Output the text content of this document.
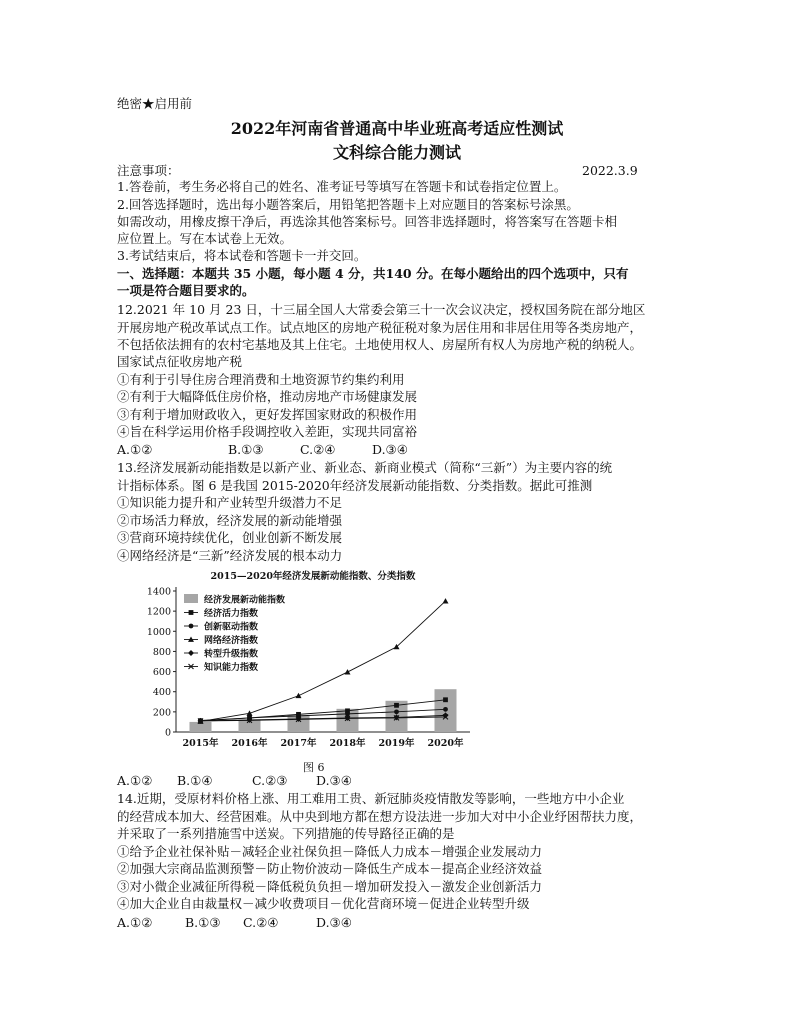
绝密★启用前
2022年河南省普通高中毕业班高考适应性测试
文科综合能力测试
注意事项：	2022.3.9
1.答卷前，考生务必将自己的姓名、准考证号等填写在答题卡和试卷指定位置上。
2.回答选择题时，选出每小题答案后，用铅笔把答题卡上对应题目的答案标号涂黑。
如需改动，用橡皮擦干净后，再选涂其他答案标号。回答非选择题时，将答案写在答题卡相
应位置上。写在本试卷上无效。
3.考试结束后，将本试卷和答题卡一并交回。
一、选择题：本题共 35 小题，每小题 4 分，共140 分。在每小题给出的四个选项中，只有
一项是符合题目要求的。
12.2021 年 10 月 23 日，十三届全国人大常委会第三十一次会议决定，授权国务院在部分地区
开展房地产税改革试点工作。试点地区的房地产税征税对象为居住用和非居住用等各类房地产，
不包括依法拥有的农村宅基地及其上住宅。土地使用权人、房屋所有权人为房地产税的纳税人。
国家试点征收房地产税
①有利于引导住房合理消费和土地资源节约集约利用
②有利于大幅降低住房价格，推动房地产市场健康发展
③有利于增加财政收入，更好发挥国家财政的积极作用
④旨在科学运用价格手段调控收入差距，实现共同富裕
A.①②	B.①③	C.②④	D.③④
13.经济发展新动能指数是以新产业、新业态、新商业模式（简称“三新”）为主要内容的统
计指标体系。图 6 是我国 2015-2020年经济发展新动能指数、分类指数。据此可推测
①知识能力提升和产业转型升级潜力不足
②市场活力释放，经济发展的新动能增强
③营商环境持续优化，创业创新不断发展
④网络经济是“三新”经济发展的根本动力
2015—2020年经济发展新动能指数、分类指数
0
200
400
600
800
1000
1200
1400
2015年 2016年 2017年 2018年 2019年 2020年
经济发展新动能指数
经济活力指数
创新驱动指数
网络经济指数
转型升级指数
知识能力指数
图 6
A.①② B.①④	C.②③ D.③④
14.近期，受原材料价格上涨、用工难用工贵、新冠肺炎疫情散发等影响，一些地方中小企业
的经营成本加大、经营困难。从中央到地方都在想方设法进一步加大对中小企业纾困帮扶力度，
并采取了一系列措施雪中送炭。下列措施的传导路径正确的是
①给予企业社保补贴－减轻企业社保负担－降低人力成本－增强企业发展动力
②加强大宗商品监测预警－防止物价波动－降低生产成本－提高企业经济效益
③对小微企业减征所得税－降低税负负担－增加研发投入－激发企业创新活力
④加大企业自由裁量权－减少收费项目－优化营商环境－促进企业转型升级
A.①②	B.①③ C.②④	D.③④
